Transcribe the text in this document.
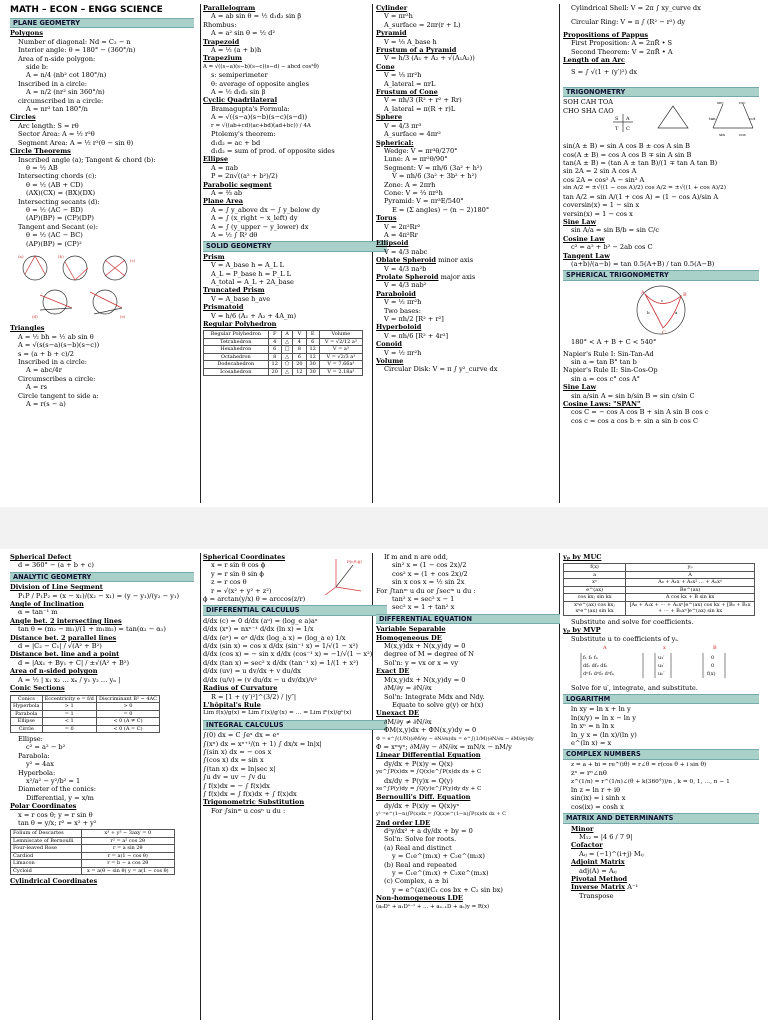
MATH – ECON – ENGG SCIENCE
PLANE GEOMETRY
Polygons
Number of diagonal: Nd = C₂ − n
Interior angle: θ = 180° − (360°/n)
Area of n-side polygon:
side b:
A = n/4 (nb² cot 180°/n)
Inscribed in a circle:
A = n/2 (nr² sin 360°/n)
circumscribed in a circle:
A = nr² tan 180°/n
Circles
Arc length: S = rθ
Sector Area: A = ½ r²θ
Segment Area: A = ½ r²(θ − sin θ)
Circle Theorems
Inscribed angle (a); Tangent & chord (b):
θ = ½ AB
Intersecting chords (c):
θ = ½ (AB + CD)
(AX)(CX) = (BX)(DX)
Intersecting secants (d):
θ = ½ (AC − BD)
(AP)(BP) = (CP)(DP)
Tangent and Secant (e):
θ = ½ (AC − BC)
(AP)(BP) = (CP)²
(a)	(b)
(c)
(d)	(e)
Triangles
A = ½ bh = ½ ab sin θ
A = √(s(s−a)(s−b)(s−c))
s = (a + b + c)/2
Inscribed in a circle:
A = abc/4r
Circumscribes a circle:
A = rs
Circle tangent to side a:
A = r(s − a)
Parallelogram
A = ab sin θ = ½ d₁d₂ sin β
Rhombus:
A = a² sin θ = ½ d²
Trapezoid
A = ½ (a + b)h
Trapezium
A = √((s−a)(s−b)(s−c)(s−d) − abcd cos²θ)
s: semiperimeter
θ: average of opposite angles
A = ½ d₁d₂ sin β
Cyclic Quadrilateral
Bramagupta's Formula:
A = √((s−a)(s−b)(s−c)(s−d))
r = √((ab+cd)(ac+bd)(ad+bc)) / 4A
Ptolemy's theorem:
d₁d₂ = ac + bd
d₁d₂ = sum of prod. of opposite sides
Ellipse
A = πab
P = 2π√((a² + b²)/2)
Parabolic segment
A = ⅔ ab
Plane Area
A = ∫ y_above dx − ∫ y_below dy
A = ∫ (x_right − x_left) dy
A = ∫ (y_upper − y_lower) dx
A = ½ ∫ R² dθ
SOLID GEOMETRY
Prism
V = A_base h = A_L L
A_L = P_base h = P_L L
A_total = A_L + 2A_base
Truncated Prism
V = A_base h_ave
Prismatoid
V = h/6 (A₁ + A₂ + 4A_m)
Regular Polyhedron
Regular Polyhedron	F	A	V	E	Volume
Tetrahedron	4	△	4	6	V = √2/12 a³
Hexahedron	6	□	8	12	V = a³
Octahedron	8	△	6	12	V = √2/3 a³
Dodecahedron	12	⬠	20	30	V = 7.66a³
Icosahedron	20	△	12	30	V = 2.18a³
Cylinder
V = πr²h
A_surface = 2πr(r + L)
Pyramid
V = ⅓ A_base h
Frustum of a Pyramid
V = h/3 (A₁ + A₂ + √(A₁A₂))
Cone
V = ⅓ πr²h
A_lateral = πrL
Frustum of Cone
V = πh/3 (R² + r² + Rr)
A_lateral = π(R + r)L
Sphere
V = 4/3 πr³
A_surface = 4πr²
Spherical:
Wedge: V = πr³θ/270°
Lune: A = πr²θ/90°
Segment: V = πh/6 (3a² + h²)
V = πh/6 (3a² + 3b² + h²)
Zone: A = 2πrh
Cone: V = ⅔ πr²h
Pyramid: V = πr³E/540°
E = (Σ angles) − (n − 2)180°
Torus
V = 2π²Rr²
A = 4π²Rr
Ellipsoid
V = 4/3 πabc
Oblate Spheroid minor axis
V = 4/3 πa²b
Prolate Spheroid major axis
V = 4/3 πab²
Paraboloid
V = ½ πr²h
Two bases:
V = πh/2 [R² + r²]
Hyperboloid
V = πh/6 [R² + 4r²]
Conoid
V = ½ πr²h
Volume
Circular Disk: V = π ∫ y²_curve dx
Cylindrical Shell: V = 2π ∫ xy_curve dx
Circular Ring: V = π ∫ (R² − r²) dy
Propositions of Pappus
First Proposition: A = 2πR̄ • S
Second Theorem: V = 2πR̄ • A
Length of an Arc
S = ∫ √(1 + (y′)²) dx
TRIGONOMETRY
SOH CAH TOA
CHO SHA CAO
S A
T C
sec	csc
tan	cot
sin	cos
sin(A ± B) = sin A cos B ± cos A sin B
cos(A ± B) = cos A cos B ∓ sin A sin B
tan(A ± B) = (tan A ± tan B)/(1 ∓ tan A tan B)
sin 2A = 2 sin A cos A
cos 2A = cos² A − sin² A
sin A/2 = ±√((1 − cos A)/2) cos A/2 = ±√((1 + cos A)/2)
tan A/2 = sin A/(1 + cos A) = (1 − cos A)/sin A
coversin(x) = 1 − sin x
versin(x) = 1 − cos x
Sine Law
sin A/a = sin B/b = sin C/c
Cosine Law
c² = a² + b² − 2ab cos C
Tangent Law
(a+b)/(a−b) = tan 0.5(A+B) / tan 0.5(A−B)
SPHERICAL TRIGONOMETRY
A	B
C
a
b
c
180° < A + B + C < 540°
Napier's Rule I: Sin-Tan-Ad
sin a = tan B° tan b
Napier's Rule II: Sin-Cos-Op
sin a = cos c° cos A°
Sine Law
sin a/sin A = sin b/sin B = sin c/sin C
Cosine Laws: "SPAN"
cos C = − cos A cos B + sin A sin B cos c
cos c = cos a cos b + sin a sin b cos C
Spherical Defect
d = 360° − (a + b + c)
ANALYTIC GEOMETRY
Division of Line Segment
P₁P / P₁P₂ = (x − x₁)/(x₂ − x₁) = (y − y₁)/(y₂ − y₁)
Angle of Inclination
α = tan⁻¹ m
Angle bet. 2 intersecting lines
tan θ = (m₂ − m₁)/(1 + m₁m₂) = tan(α₂ − α₁)
Distance bet. 2 parallel lines
d = |C₂ − C₁| / √(A² + B²)
Distance bet. line and a point
d = |Ax₁ + By₁ + C| / ±√(A² + B²)
Area of n-sided polygon
A = ½ | x₁ x₂ … xₙ / y₁ y₂ … yₙ |
Conic Sections
Conics	Eccentricity e = f/d	Discriminant B² − 4AC
Hyperbola	> 1	> 0
Parabola	= 1	= 0
Ellipse	< 1	< 0 (A ≠ C)
Circle	= 0	< 0 (A = C)
Ellipse:
c² = a² − b²
Parabola:
y² = 4ax
Hyperbola:
x²/a² − y²/b² = 1
Diameter of the conics:
Differential, y = x/m
Polar Coordinates
x = r cos θ; y = r sin θ
tan θ = y/x; r² = x² + y²
Folium of Descartes	x³ + y³ − 3axy = 0
Lemniscate of Bernoulli	r² = a² cos 2θ
Four-leaved Rose	r = a sin 2θ
Cardiod	r = a(1 − cos θ)
Limacon	r = b − a cos 2θ
Cycloid	x = a(θ − sin θ) y = a(1 − cos θ)
Cylindrical Coordinates
Spherical Coordinates
x = r sin θ cos ϕ
y = r sin θ sin ϕ
z = r cos θ
r = √(x² + y² + z²)
ϕ = arctan(y/x) θ = arccos(z/r)
P(r,θ,ϕ)
DIFFERENTIAL CALCULUS
d/dx (c) = 0 d/dx (aᵘ) = (log_e a)aᵘ
d/dx (xⁿ) = nxⁿ⁻¹ d/dx (ln x) = 1/x
d/dx (eˣ) = eˣ d/dx (log_a x) = (log_a e) 1/x
d/dx (sin x) = cos x d/dx (sin⁻¹ x) = 1/√(1 − x²)
d/dx (cos x) = − sin x d/dx (cos⁻¹ x) = −1/√(1 − x²)
d/dx (tan x) = sec² x d/dx (tan⁻¹ x) = 1/(1 + x²)
d/dx (uv) = u dv/dx + v du/dx
d/dx (u/v) = (v du/dx − u dv/dx)/v²
Radius of Curvature
R = [1 + (y′)²]^(3/2) / |y″|
L'hôpital's Rule
Lim f(x)/g(x) = Lim f′(x)/g′(x) = … = Lim fⁿ(x)/gⁿ(x)
INTEGRAL CALCULUS
∫(0) dx = C ∫eˣ dx = eˣ
∫(xⁿ) dx = xⁿ⁺¹/(n + 1) ∫ dx/x = ln|x|
∫(sin x) dx = − cos x
∫(cos x) dx = sin x
∫(tan x) dx = ln|sec x|
∫u dv = uv − ∫v du
∫ f(x)dx = − ∫ f(x)dx
∫ f(x)dx = ∫ f(x)dx + ∫ f(x)dx
Trigonometric Substitution
For ∫sinᵐ u cosⁿ u du :
If m and n are odd,
sin² x = (1 − cos 2x)/2
cos² x = (1 + cos 2x)/2
sin x cos x = ½ sin 2x
For ∫tanᵐ u du or ∫secᵐ u du :
tan² x = sec² x − 1
sec² x = 1 + tan² x
DIFFERENTIAL EQUATION
Variable Separable
Homogeneous DE
M(x,y)dx + N(x,y)dy = 0
degree of M = degree of N
Sol'n: y = vx or x = vy
Exact DE
M(x,y)dx + N(x,y)dy = 0
∂M/∂y = ∂N/∂x
Sol'n: Integrate Mdx and Ndy.
Equate to solve g(y) or h(x)
Unexact DE
∂M/∂y ≠ ∂N/∂x
ΦM(x,y)dx + ΦN(x,y)dy = 0
Φ = e^∫(1/N)(∂M/∂y − ∂N/∂x)dx = e^∫(1/M)(∂N/∂x − ∂M/∂y)dy
Φ = xᵐyⁿ; ∂M/∂y − ∂N/∂x = mN/x − nM/y
Linear Differential Equation
dy/dx + P(x)y = Q(x)
ye^∫P(x)dx = ∫Q(x)e^∫P(x)dx dx + C
dx/dy + P(y)x = Q(y)
xe^∫P(y)dy = ∫Q(y)e^∫P(y)dy dy + C
Bernoulli's Diff. Equation
dy/dx + P(x)y = Q(x)yⁿ
y¹⁻ⁿe^(1−n)∫P(x)dx = ∫Q(x)e^(1−n)∫P(x)dx dx + C
2nd order LDE
d²y/dx² + a dy/dx + by = 0
Sol'n: Solve for roots.
(a) Real and distinct
y = C₁e^(m₁x) + C₂e^(m₂x)
(b) Real and repeated
y = C₁e^(m₁x) + C₂xe^(m₂x)
(c) Complex, a ± bi
y = e^(ax)(C₁ cos bx + C₂ sin bx)
Non-homogeneous LDE
(a₀Dⁿ + a₁Dⁿ⁻¹ + … + aₙ₋₁D + aₙ)y = R(x)
yₚ by MUC
f(x)	yₚ
a	A
xⁿ	A₀ + A₁x + A₂x² … + Aₙxⁿ
e^(ax)	Be^(ax)
cos kx; sin kx	A cos kx + B sin kx
xⁿe^(ax) cos kx; xⁿe^(ax) sin kx	[A₀ + A₁x + ⋯ + Aₙxⁿ]e^(ax) cos kx + [B₀ + B₁x + ⋯ + Bₙxⁿ]e^(ax) sin kx
Substitute and solve for coefficients.
yₚ by MVP
Substitute u to coefficients of yᵢ.
A	x	B
f₁ f₂ fₙ
df₁ df₂ dfₙ
dⁿf₁ dⁿf₂ dⁿfₙ
u₁′
u₂′
uₙ′
0
0
f(x)
Solve for u′, integrate, and substitute.
LOGARITHM
ln xy = ln x + ln y
ln(x/y) = ln x − ln y
ln xⁿ = n ln x
ln_y x = (ln x)/(ln y)
e^(ln x) = x
COMPLEX NUMBERS
z = a + bi = re^(iθ) = r∠θ = r(cos θ + i sin θ)
zⁿ = rⁿ∠nθ
z^(1/n) = r^(1/n)∠(θ + k(360°))/n , k = 0, 1, …, n − 1
ln z = ln r + iθ
sin(ix) = i sinh x
cos(ix) = cosh x
MATRIX AND DETERMINANTS
Minor
M₁₂ = |4 6 / 7 9|
Cofactor
Aᵢⱼ = (−1)^(i+j) Mᵢⱼ
Adjoint Matrix
adj(A) = Aᵢⱼ
Pivotal Method
Inverse Matrix A⁻¹
Transpose
